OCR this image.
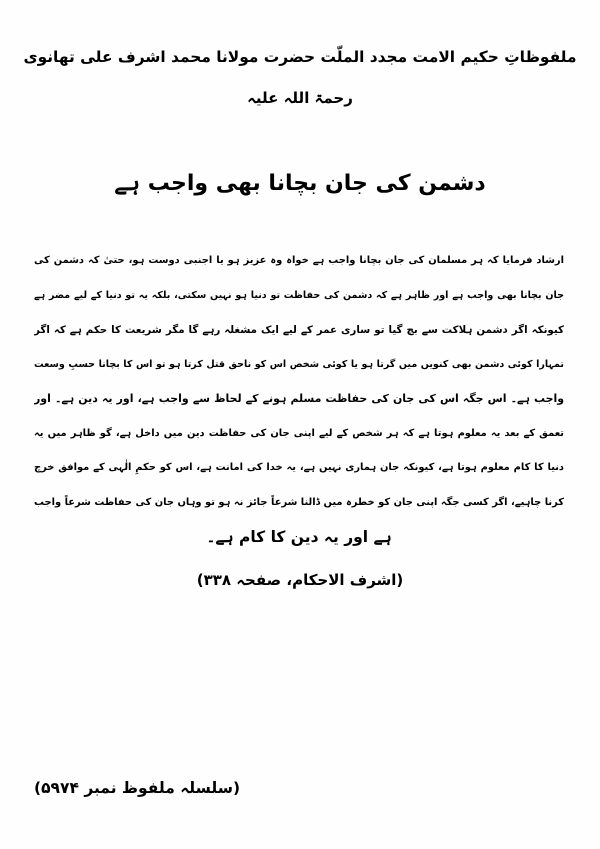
ملفوظاتِ حکیم الامت مجدد الملّت حضرت مولانا محمد اشرف علی تھانوی
رحمۃ اللہ علیہ
دشمن کی جان بچانا بھی واجب ہے
ارشاد فرمایا کہ ہر مسلمان کی جان بچانا واجب ہے خواہ وہ عزیز ہو یا اجنبی دوست ہو، حتیٰ کہ دشمن کی
جان بچانا بھی واجب ہے اور ظاہر ہے کہ دشمن کی حفاظت تو دنیا ہو نہیں سکتی، بلکہ یہ تو دنیا کے لیے مضر ہے
کیونکہ اگر دشمن ہلاکت سے بچ گیا تو ساری عمر کے لیے ایک مشغلہ رہے گا مگر شریعت کا حکم ہے کہ اگر
تمہارا کوئی دشمن بھی کنویں میں گرتا ہو یا کوئی شخص اس کو ناحق قتل کرتا ہو تو اس کا بچانا حسبِ وسعت
واجب ہے۔ اس جگہ اس کی جان کی حفاظت مسلم ہونے کے لحاظ سے واجب ہے، اور یہ دین ہے۔ اور
تعمق کے بعد یہ معلوم ہوتا ہے کہ ہر شخص کے لیے اپنی جان کی حفاظت دین میں داخل ہے، گو ظاہر میں یہ
دنیا کا کام معلوم ہوتا ہے، کیونکہ جان ہماری نہیں ہے، یہ خدا کی امانت ہے، اس کو حکمِ الٰہی کے موافق خرچ
کرنا چاہیے، اگر کسی جگہ اپنی جان کو خطرہ میں ڈالنا شرعاً جائز نہ ہو تو وہاں جان کی حفاظت شرعاً واجب
ہے اور یہ دین کا کام ہے۔
(اشرف الاحکام، صفحہ ۳۳۸)
(سلسلہ ملفوظ نمبر ۵۹۷۴)
